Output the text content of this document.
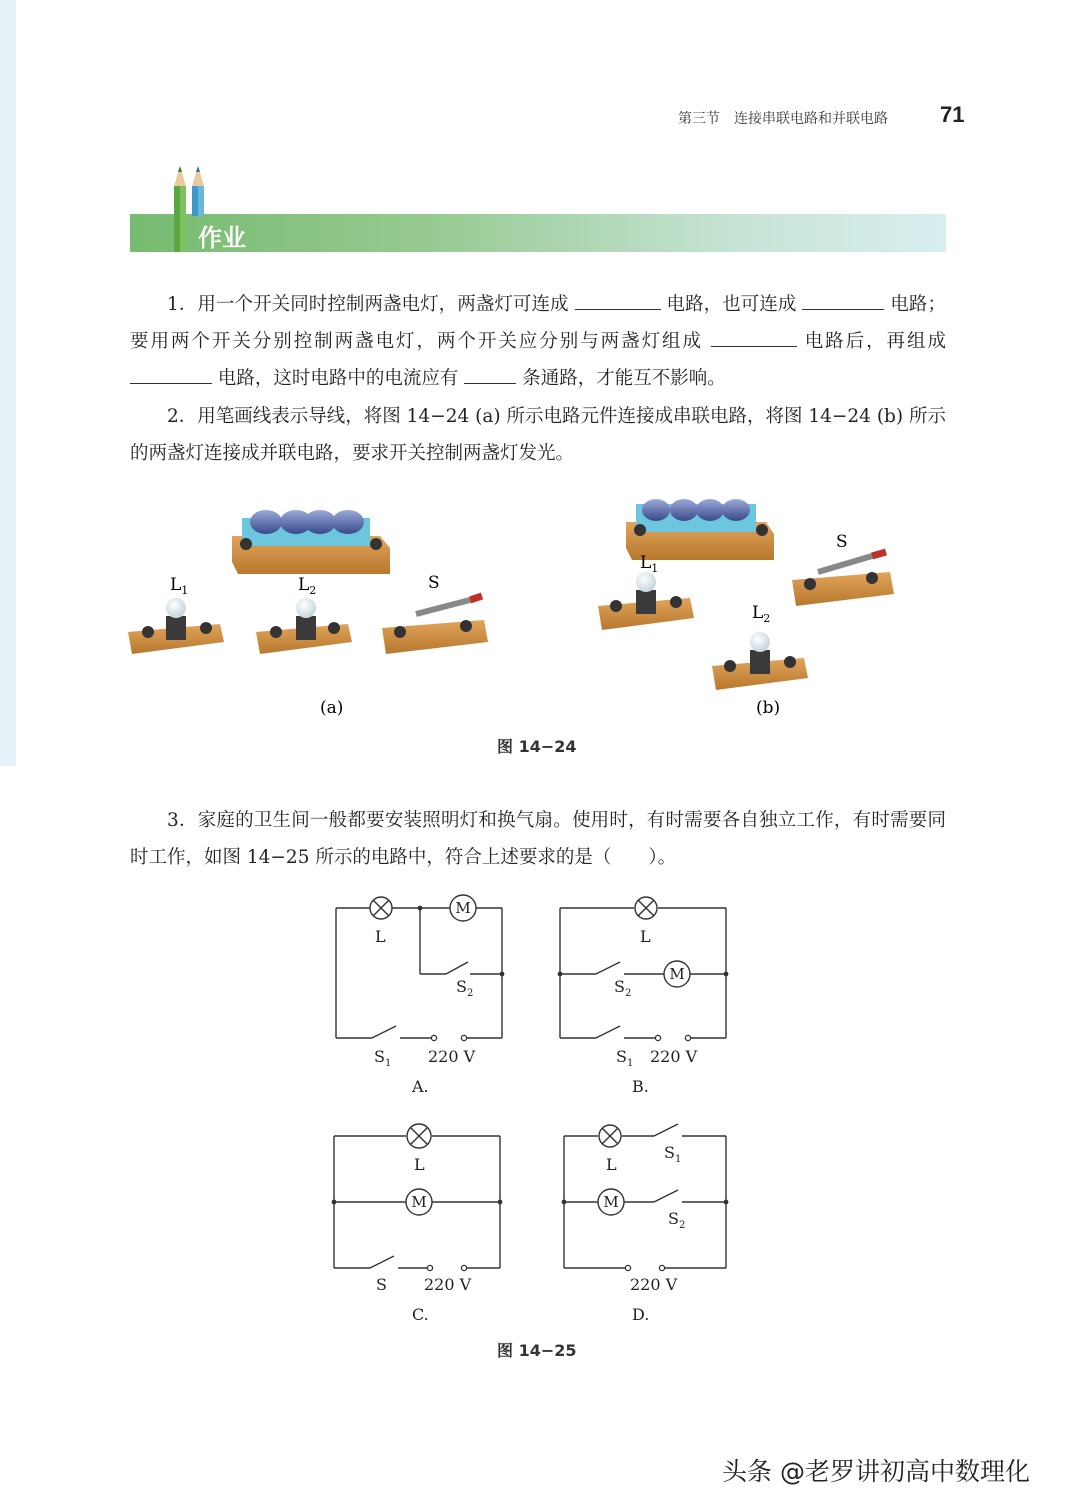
第三节　连接串联电路和并联电路 71
作业
1．用一个开关同时控制两盏电灯，两盏灯可连成	电路，也可连成	电路；要用两个开关分别控制两盏电灯，两个开关应分别与两盏灯组成	电路后，再组成  电路，这时电路中的电流应有	条通路，才能互不影响。
2．用笔画线表示导线，将图 14−24 (a) 所示电路元件连接成串联电路，将图 14−24 (b) 所示的两盏灯连接成并联电路，要求开关控制两盏灯发光。
$L_1$	$L_2$	S
(a)
$L_1$
$L_2$
S
(b)
图 14−24
3．家庭的卫生间一般都要安装照明灯和换气扇。使用时，有时需要各自独立工作，有时需要同时工作，如图 14−25 所示的电路中，符合上述要求的是（　　）。
M
M
M	M
L
$S_2$
$S_1$ 220 V
A.
L
$S_2$
$S_1$ 220 V
B.
L
S 220 V
C.
L
$S_1$
$S_2$
220 V
D.
图 14−25
头条 @老罗讲初高中数理化
